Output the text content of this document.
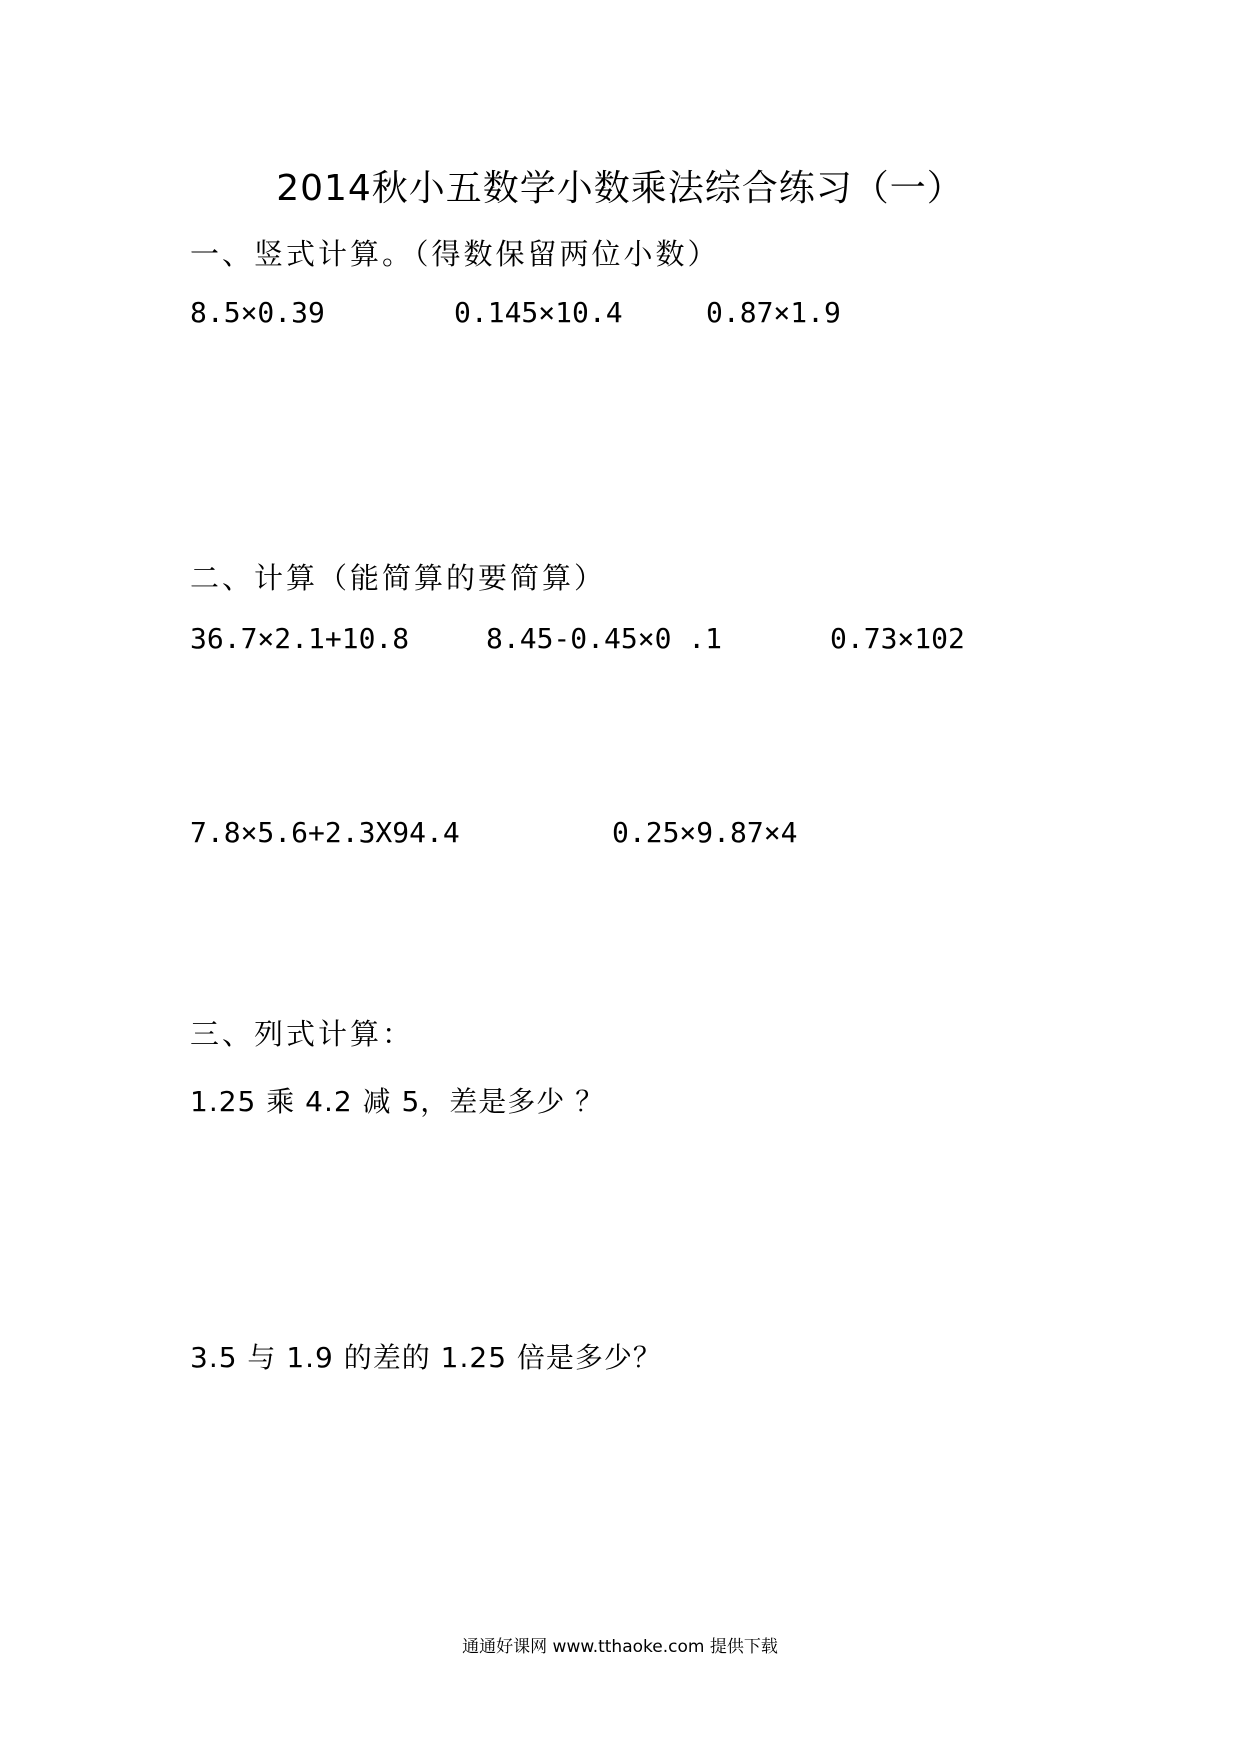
2014秋小五数学小数乘法综合练习（一）
一、竖式计算。（得数保留两位小数）
8.5×0.39	0.145×10.4	0.87×1.9
二、计算（能简算的要简算）
36.7×2.1+10.8	8.45-0.45×0 .1	0.73×102
7.8×5.6+2.3X94.4	0.25×9.87×4
三、列式计算：
1.25 乘 4.2 减 5，差是多少 ？
3.5 与 1.9 的差的 1.25 倍是多少？
通通好课网 www.tthaoke.com 提供下载
